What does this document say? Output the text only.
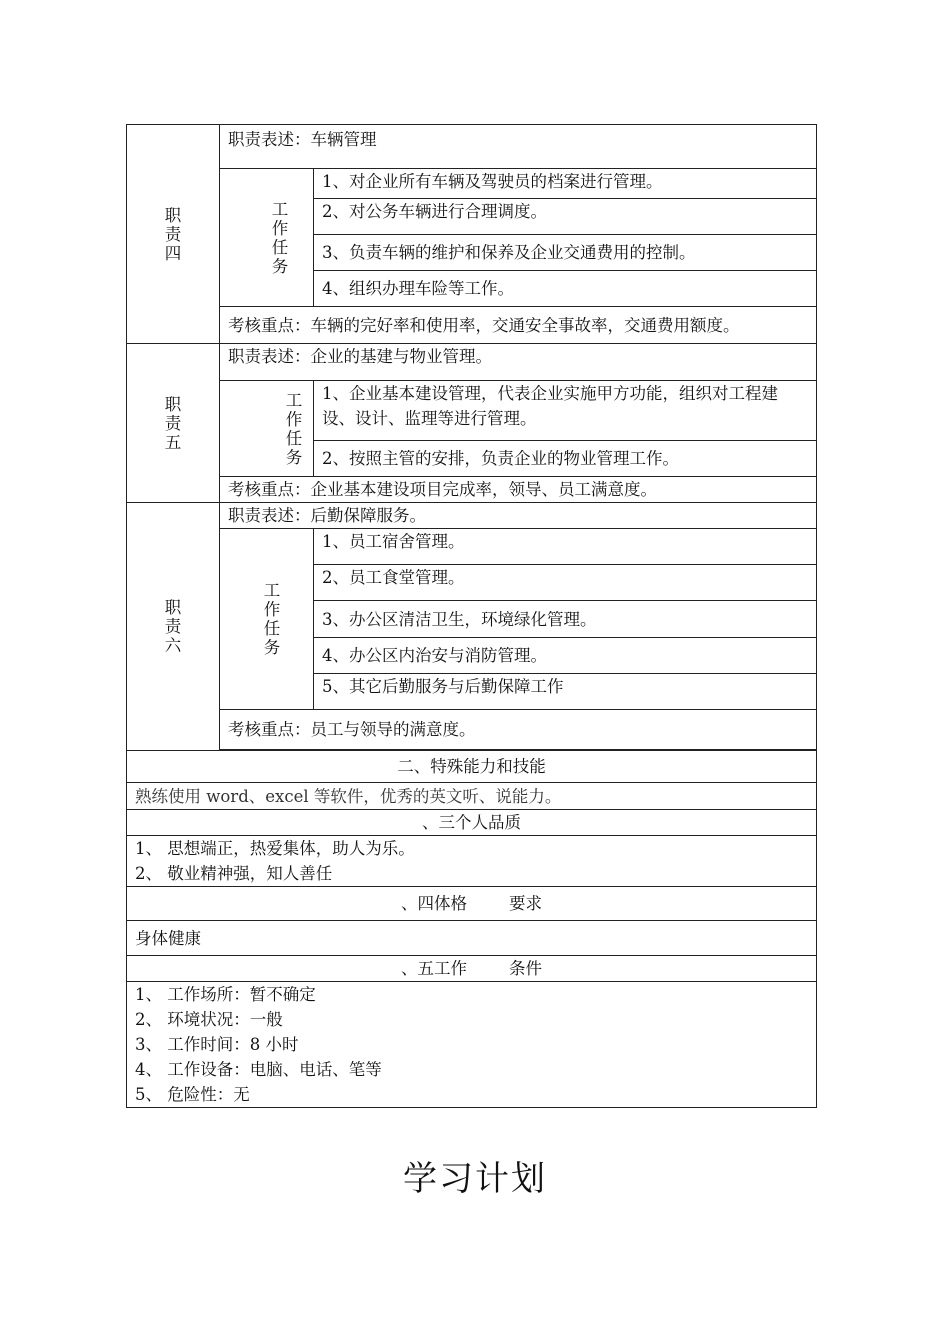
职
责
四	职责表述：车辆管理	

	工
作
任
务	1、对企业所有车辆及驾驶员的档案进行管理。
		2、对公务车辆进行合理调度。
		3、负责车辆的维护和保养及企业交通费用的控制。
		4、组织办理车险等工作。
	考核重点：车辆的完好率和使用率，交通安全事故率，交通费用额度。	

职
责
五	职责表述：企业的基建与物业管理。	

	工
作
任
务	1、企业基本建设管理，代表企业实施甲方功能，组织对工程建设、设计、监理等进行管理。
		2、按照主管的安排，负责企业的物业管理工作。
	考核重点：企业基本建设项目完成率，领导、员工满意度。	

职
责
六	职责表述：后勤保障服务。	

	工
作
任
务	1、员工宿舍管理。
		2、员工食堂管理。
		3、办公区清洁卫生，环境绿化管理。
		4、办公区内治安与消防管理。
		5、其它后勤服务与后勤保障工作
	考核重点：员工与领导的满意度。	

二、特殊能力和技能		
熟练使用 word、excel 等软件，优秀的英文听、说能力。		
、三个人品质		

1、 思想端正，热爱集体，助人为乐。
2、 敬业精神强，知人善任		

、四体格        要求		
身体健康		
、五工作        条件		

1、 工作场所：暂不确定
2、 环境状况：一般
3、 工作时间：8 小时
4、 工作设备：电脑、电话、笔等
5、 危险性：无		
学习计划
